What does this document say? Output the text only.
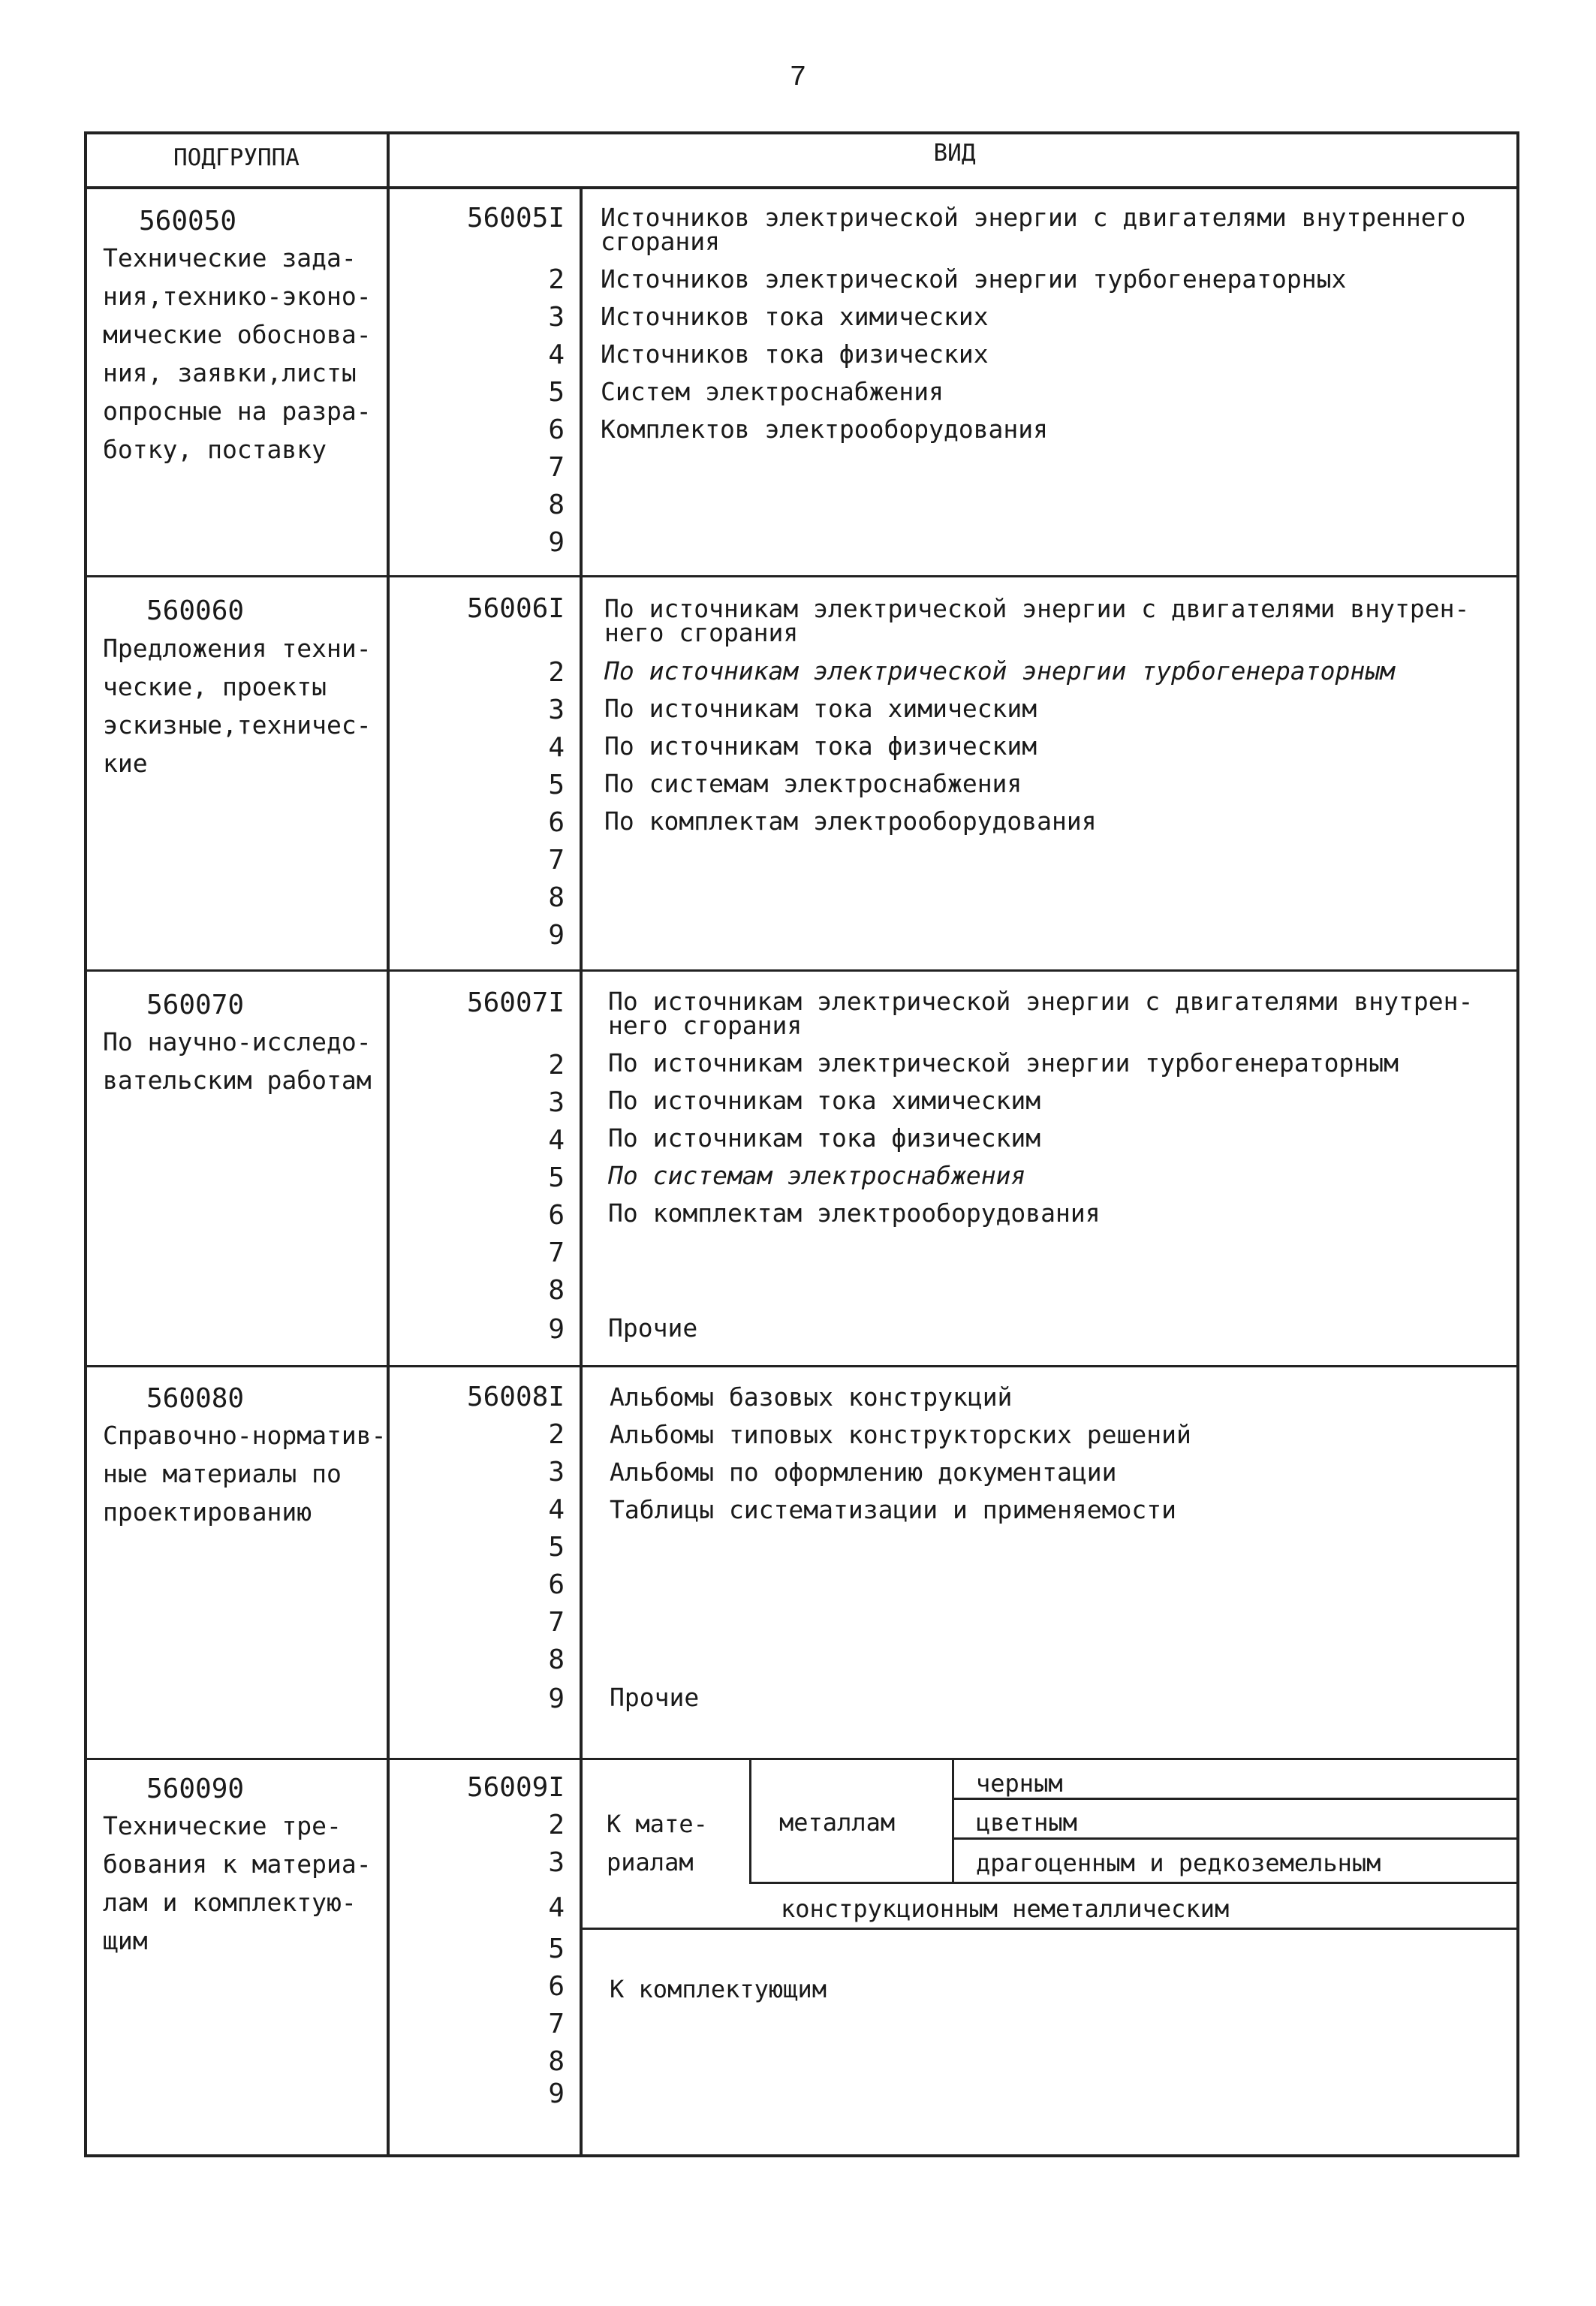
7
ПОДГРУППА	ВИД
560050
Технические зада-
ния,технико-эконо-
мические обоснова-
ния, заявки,листы
опросные на разра-
ботку, поставку
56005I
2
3
4
5
6
7
8
9
Источников электрической энергии с двигателями внутреннего
сгорания
Источников электрической энергии турбогенераторных
Источников тока химических
Источников тока физических
Систем электроснабжения
Комплектов электрооборудования
560060
Предложения техни-
ческие, проекты
эскизные,техничес-
кие
56006I
2
3
4
5
6
7
8
9
По источникам электрической энергии с двигателями внутрен-
него сгорания
По источникам электрической энергии турбогенераторным
По источникам тока химическим
По источникам тока физическим
По системам электроснабжения
По комплектам электрооборудования
560070
По научно-исследо-
вательским работам
56007I
2
3
4
5
6
7
8
9
По источникам электрической энергии с двигателями внутрен-
него сгорания
По источникам электрической энергии турбогенераторным
По источникам тока химическим
По источникам тока физическим
По системам электроснабжения
По комплектам электрооборудования
Прочие
560080
Справочно-норматив-
ные материалы по
проектированию
56008I
2
3
4
5
6
7
8
9
Альбомы базовых конструкций
Альбомы типовых конструкторских решений
Альбомы по оформлению документации
Таблицы систематизации и применяемости
Прочие
560090
Технические тре-
бования к материа-
лам и комплектую-
щим
56009I
2
3
4
5
6
7
8
9
К мате-
риалам
металлам
черным
цветным
драгоценным и редкоземельным
конструкционным неметаллическим
К комплектующим
